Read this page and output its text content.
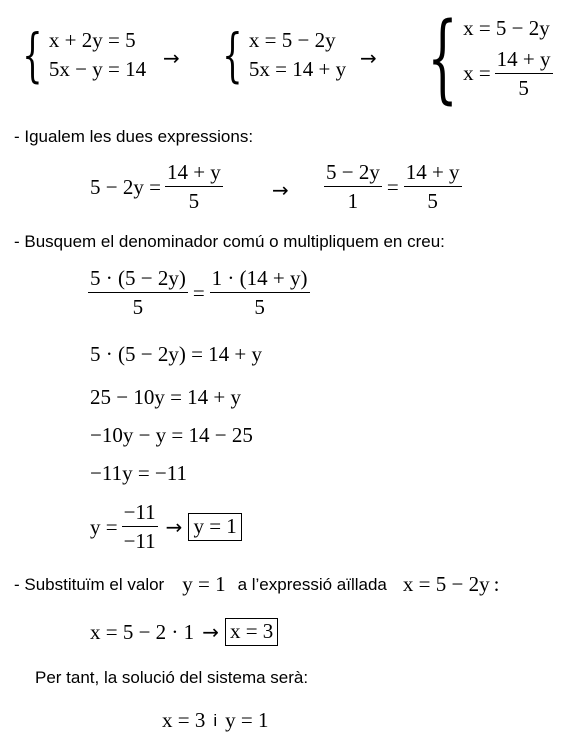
{ x + 2y = 5
5x − y = 14 → { x = 5 − 2y
5x = 14 + y → { x = 5 − 2y
$x = \frac{14 + y}{5}$
- Igualem les dues expressions:
$5 - 2y = \frac{14 + y}{5} \to \frac{5 - 2y}{1} = \frac{14 + y}{5}$
- Busquem el denominador comú o multipliquem en creu:
$\frac{5 \cdot (5 - 2y)}{5} = \frac{1 \cdot (14 + y)}{5}$
5 · (5 − 2y) = 14 + y
25 − 10y = 14 + y
−10y − y = 14 − 25
−11y = −11
$y = \frac{-11}{-11} \to y = 1$
- Substituïm el valor y = 1 a l’expressió aïllada x = 5 − 2y :
x = 5 − 2 · 1 → x = 3
Per tant, la solució del sistema serà:
x = 3 i y = 1
